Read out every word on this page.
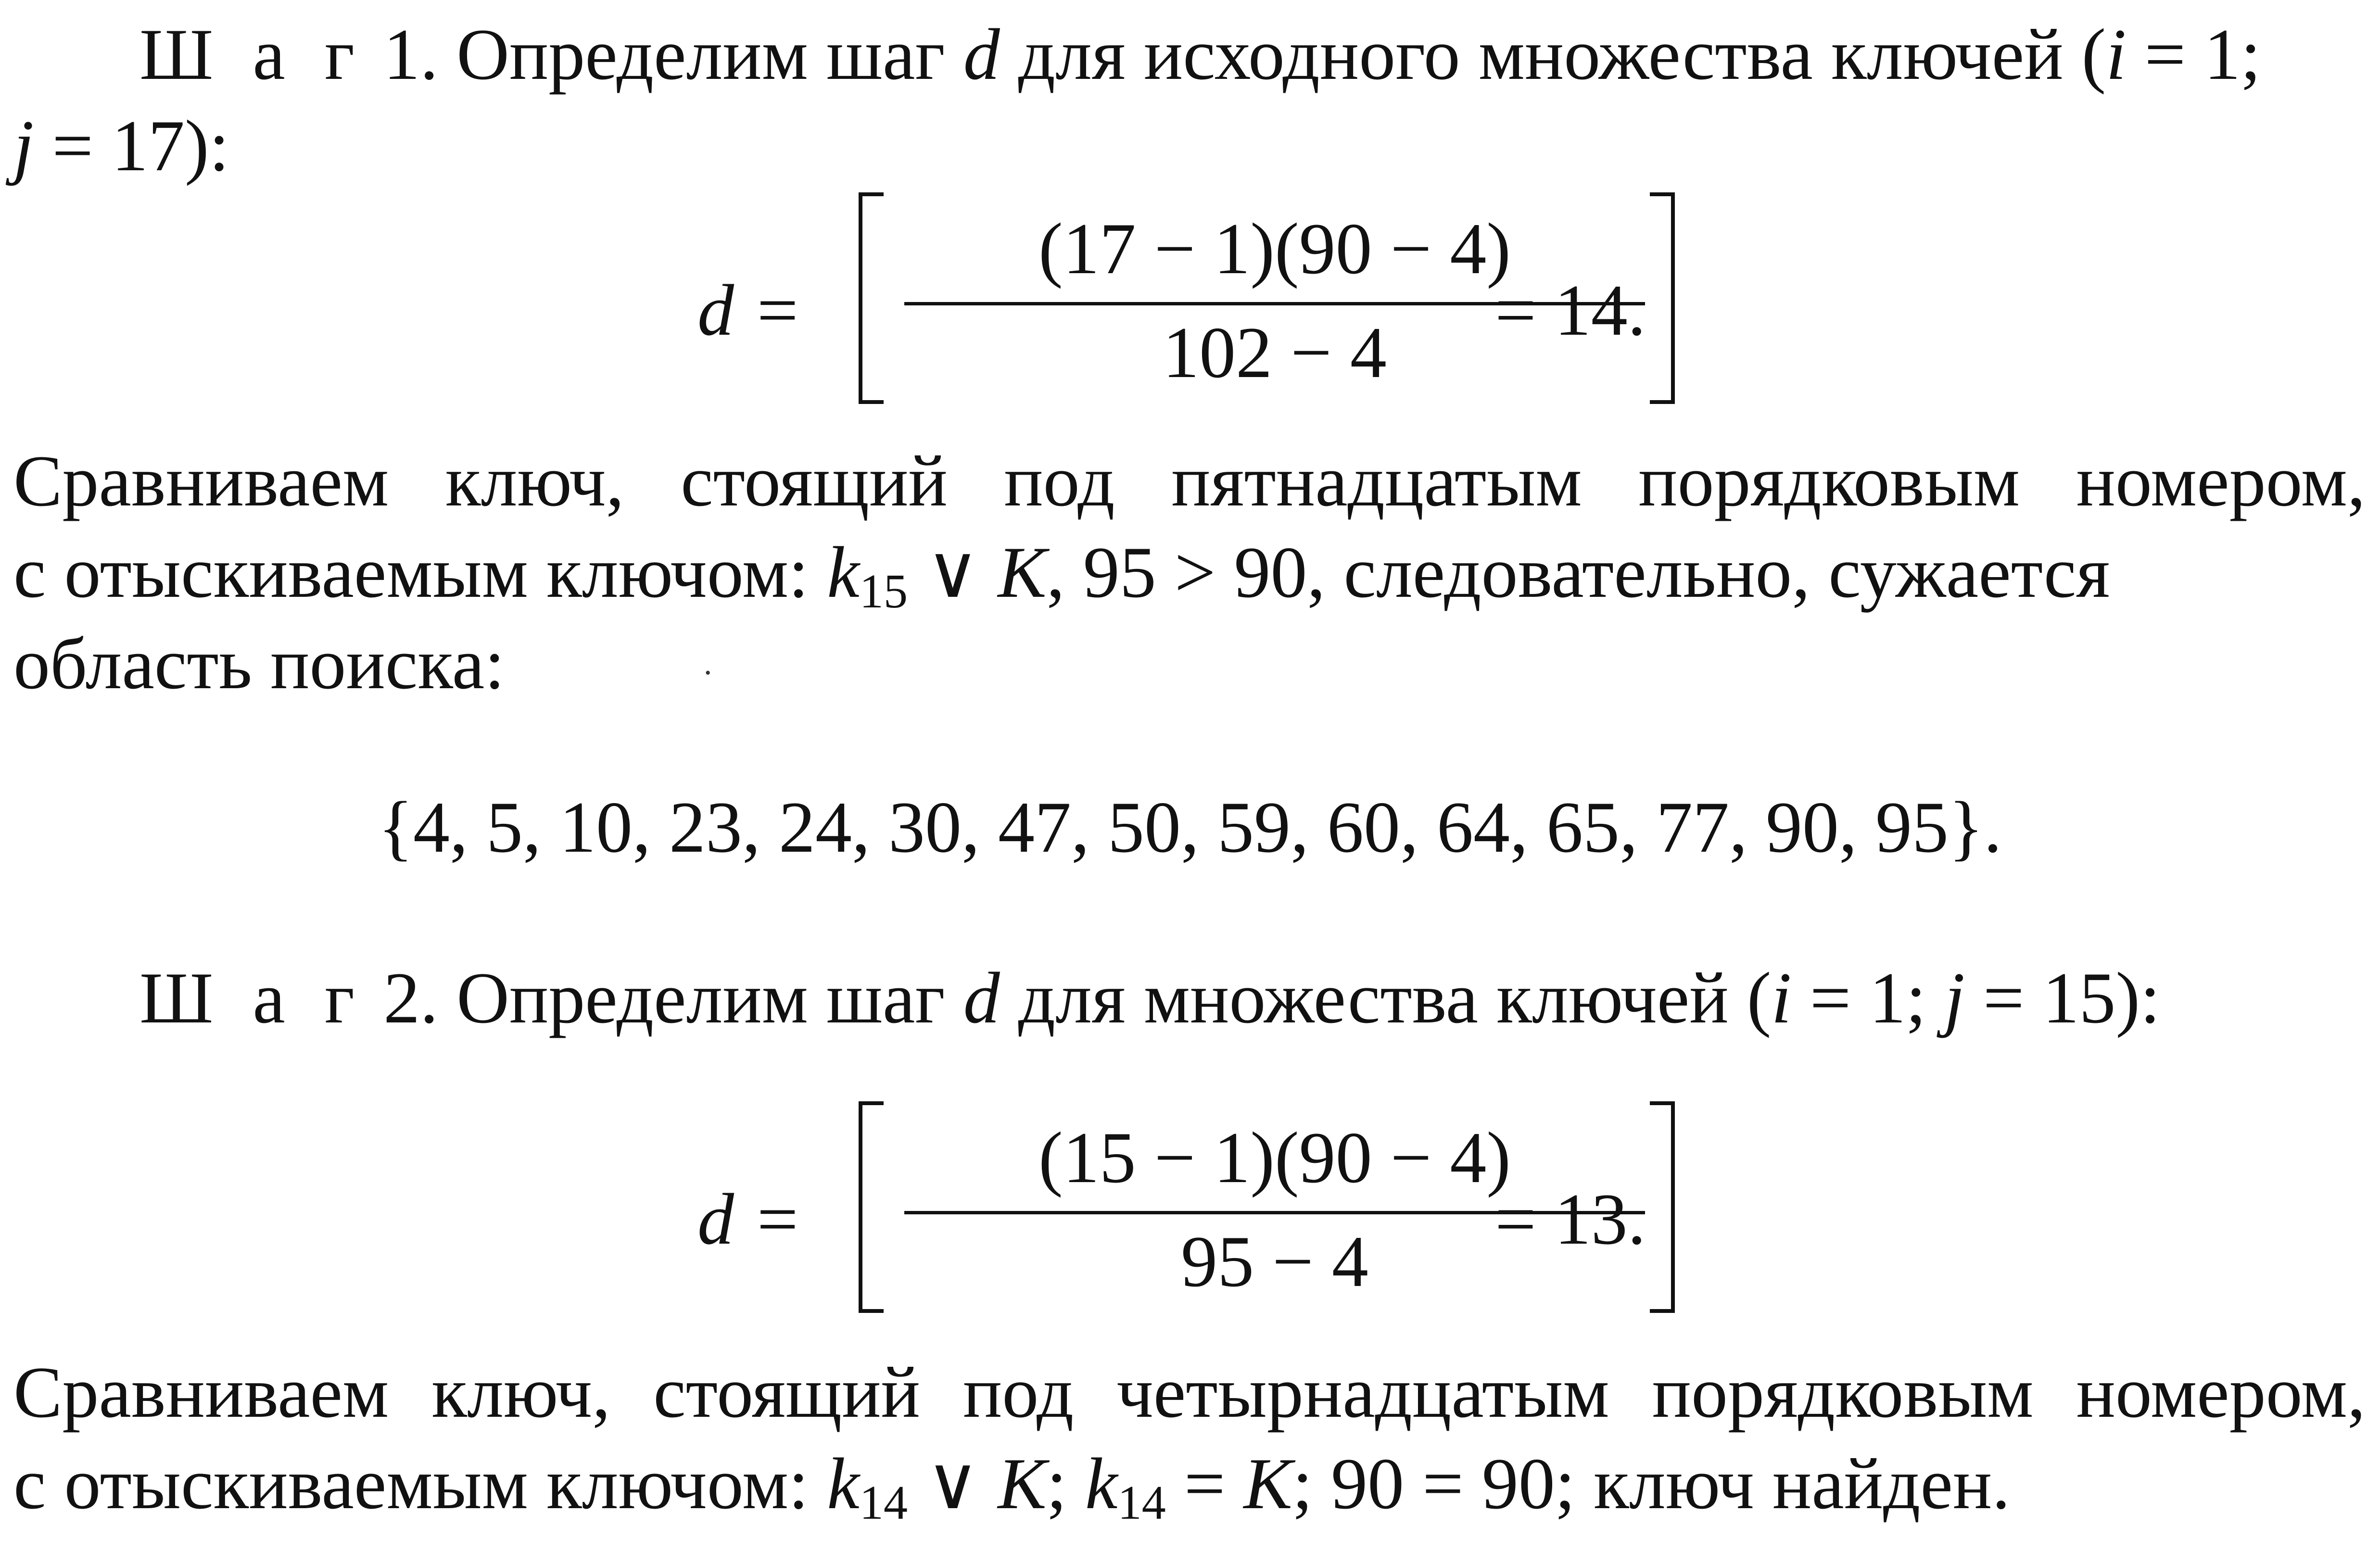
Ш а г 1. Определим шаг d для исходного множества ключей (i = 1;
j = 17):
d =
(17 − 1)(90 − 4)
102 − 4
= 14.
Сравниваем ключ, стоящий под пятнадцатым порядковым номером,
с отыскиваемым ключом: $k_{15}$ ∨ K, 95 > 90, следовательно, сужается
область поиска:	·
{4, 5, 10, 23, 24, 30, 47, 50, 59, 60, 64, 65, 77, 90, 95}.
Ш а г 2. Определим шаг d для множества ключей (i = 1; j = 15):
d =
(15 − 1)(90 − 4)
95 − 4
= 13.
Сравниваем ключ, стоящий под четырнадцатым порядковым номером,
с отыскиваемым ключом: $k_{14}$ ∨ K; $k_{14} = K$; 90 = 90; ключ найден.
